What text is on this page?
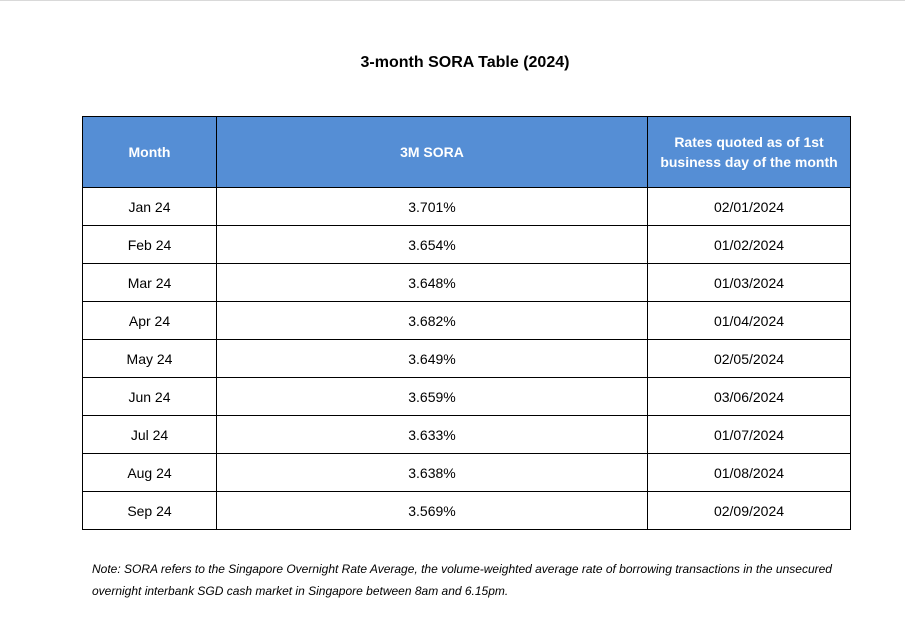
3-month SORA Table (2024)
Month	3M SORA	Rates quoted as of 1st business day of the month

Jan 24	3.701%	02/01/2024
Feb 24	3.654%	01/02/2024
Mar 24	3.648%	01/03/2024
Apr 24	3.682%	01/04/2024
May 24	3.649%	02/05/2024
Jun 24	3.659%	03/06/2024
Jul 24	3.633%	01/07/2024
Aug 24	3.638%	01/08/2024
Sep 24	3.569%	02/09/2024
Note: SORA refers to the Singapore Overnight Rate Average, the volume-weighted average rate of borrowing transactions in the unsecured overnight interbank SGD cash market in Singapore between 8am and 6.15pm.
